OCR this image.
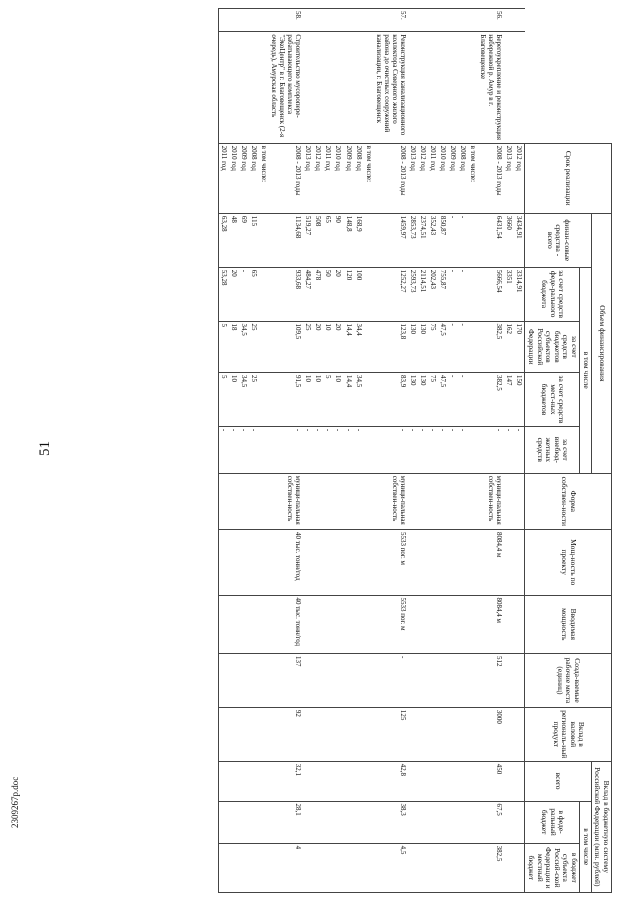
51
2309267р.doc
		Срок реализации	Объем финансирования					Форма собствен-ности	Мощ-ность по проекту	Вводимая мощность	Созда-ваемые рабочие места (единиц)	Вклад в валовой региональ-ный продукт	Вклад в бюджетную систему Российской Федерации (млн. рублей)		
			финан-совые средства - всего	в том числе									всего	в том числе	
				за счет средств феде-рального бюджета	за счет средств бюджетов субъектов Российской Федерации	за счет средств мест-ных бюджетов	за счет внебюд-жетных средств							в феде-ральный бюджет	в бюджет субъекта Россий-ской Федерации и местный бюджет
		2012 год	3434,91	3314,91	170	150	-								
		2013 год	3660	3351	162	147	-								
56.	Берегоукрепление и реконструкция набережной р. Амур в г. Благовещенске	2008 - 2013 годы	6431,54	5666,54	382,5	382,5	-	муници-пальная собствен-ность	8084,4 м	8084,4 м	512	3000	450	67,5	382,5
		в том числе:													
		2008 год	-	-	-	-	-								
		2009 год	-	-	-	-	-								
		2010 год	850,87	755,87	47,5	47,5	-								
		2011 год	352,43	202,43	75	75	-								
		2012 год	2374,51	2114,51	130	130	-								
		2013 год	2853,73	2593,73	130	130	-								
57.	Реконструкция канализационного коллектора Северного жилого района до очистных сооружений канализации, г. Благовещенск	2008 - 2013 годы	1459,97	1252,27	123,8	83,9	-	муници-пальная собствен-ность	5533 пог. м	5533 пог. м	-	125	42,8	38,3	4,5
		в том числе:													
		2008 год	168,9	100	34,4	34,5	-								
		2009 год	148,8	120	14,4	14,4	-								
		2010 год	90	20	20	10	-								
		2011 год	65	50	10	5	-								
		2012 год	508	478	20	10	-								
		2013 год	519,27	484,27	25	10	-								
58.	Строительство мусоропере-рабатывающего комплекса "ЭкоЦентр" в г. Благовещенск (2-я очередь), Амурская область	2008 - 2013 годы	1134,68	933,68	109,5	91,5	-	муници-пальная собствен-ность	40 тыс. тонн/год	40 тыс. тонн/год	137	92	32,1	28,1	4
		в том числе:													
		2008 год	115	65	25	25	-								
		2009 год	69	-	34,5	34,5	-								
		2010 год	48	20	18	10	-								
		2011 год	63,28	53,28	5	5	-								
